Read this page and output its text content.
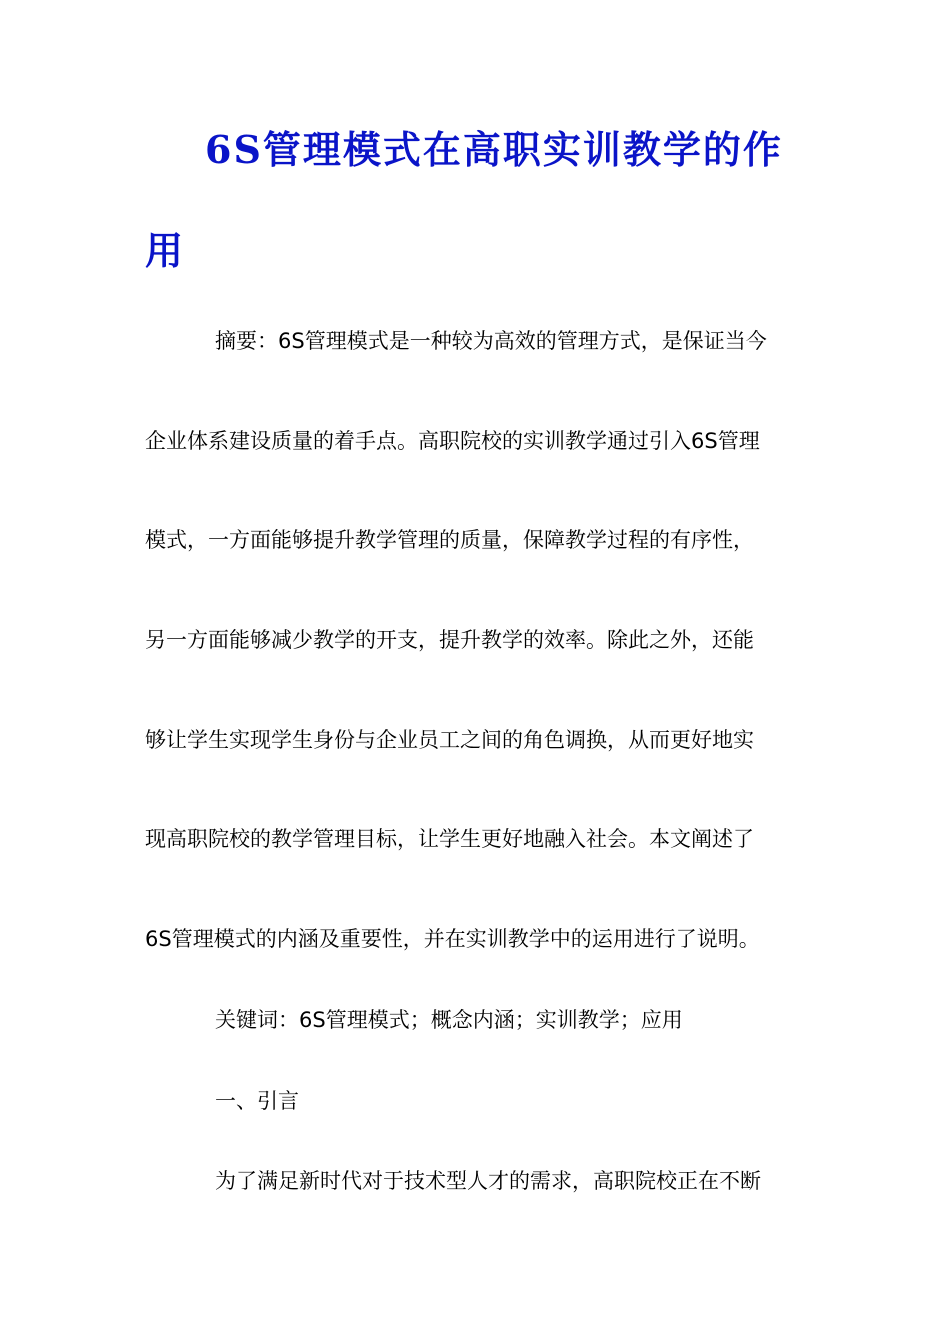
6S管理模式在高职实训教学的作
用
摘要：6S管理模式是一种较为高效的管理方式，是保证当今
企业体系建设质量的着手点。高职院校的实训教学通过引入6S管理
模式，一方面能够提升教学管理的质量，保障教学过程的有序性，
另一方面能够减少教学的开支，提升教学的效率。除此之外，还能
够让学生实现学生身份与企业员工之间的角色调换，从而更好地实
现高职院校的教学管理目标，让学生更好地融入社会。本文阐述了
6S管理模式的内涵及重要性，并在实训教学中的运用进行了说明。
关键词：6S管理模式；概念内涵；实训教学；应用
一、引言
为了满足新时代对于技术型人才的需求，高职院校正在不断
